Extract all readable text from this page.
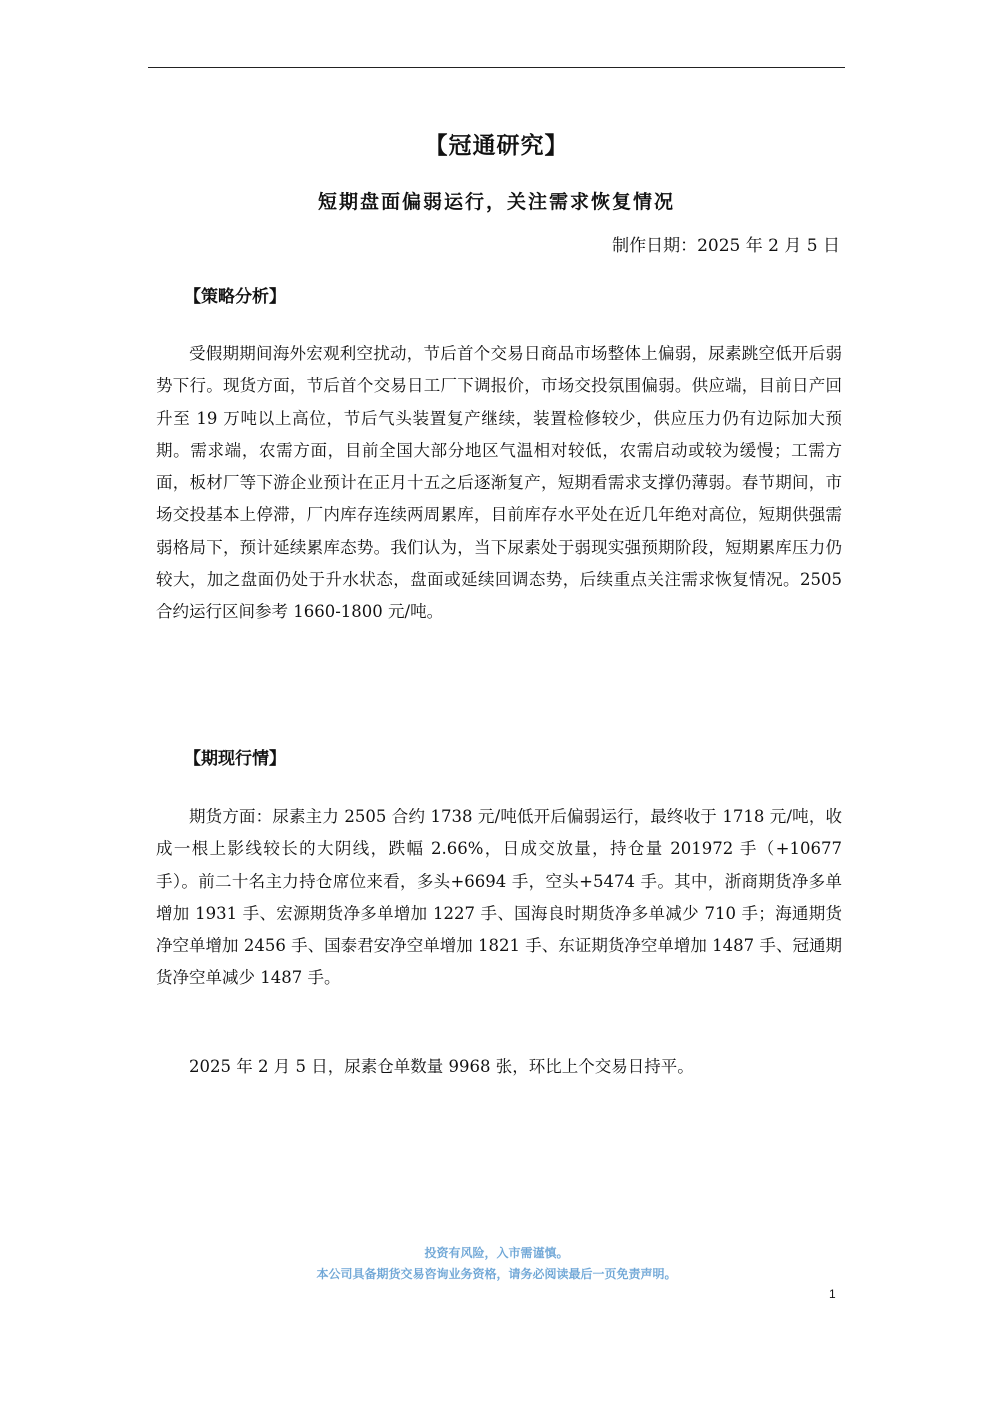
【冠通研究】
短期盘面偏弱运行，关注需求恢复情况
制作日期：2025 年 2 月 5 日
【策略分析】

受假期期间海外宏观利空扰动，节后首个交易日商品市场整体上偏弱，尿素跳空低开后弱势下行。现货方面，节后首个交易日工厂下调报价，市场交投氛围偏弱。供应端，目前日产回升至 19 万吨以上高位，节后气头装置复产继续，装置检修较少，供应压力仍有边际加大预期。需求端，农需方面，目前全国大部分地区气温相对较低，农需启动或较为缓慢；工需方面，板材厂等下游企业预计在正月十五之后逐渐复产，短期看需求支撑仍薄弱。春节期间，市场交投基本上停滞，厂内库存连续两周累库，目前库存水平处在近几年绝对高位，短期供强需弱格局下，预计延续累库态势。我们认为，当下尿素处于弱现实强预期阶段，短期累库压力仍较大，加之盘面仍处于升水状态，盘面或延续回调态势，后续重点关注需求恢复情况。2505 合约运行区间参考 1660-1800 元/吨。

【期现行情】

期货方面：尿素主力 2505 合约 1738 元/吨低开后偏弱运行，最终收于 1718 元/吨，收成一根上影线较长的大阴线，跌幅 2.66%，日成交放量，持仓量 201972 手（+10677 手）。前二十名主力持仓席位来看，多头+6694 手，空头+5474 手。其中，浙商期货净多单增加 1931 手、宏源期货净多单增加 1227 手、国海良时期货净多单减少 710 手；海通期货净空单增加 2456 手、国泰君安净空单增加 1821 手、东证期货净空单增加 1487 手、冠通期货净空单减少 1487 手。

2025 年 2 月 5 日，尿素仓单数量 9968 张，环比上个交易日持平。

投资有风险，入市需谨慎。
本公司具备期货交易咨询业务资格，请务必阅读最后一页免责声明。
1
